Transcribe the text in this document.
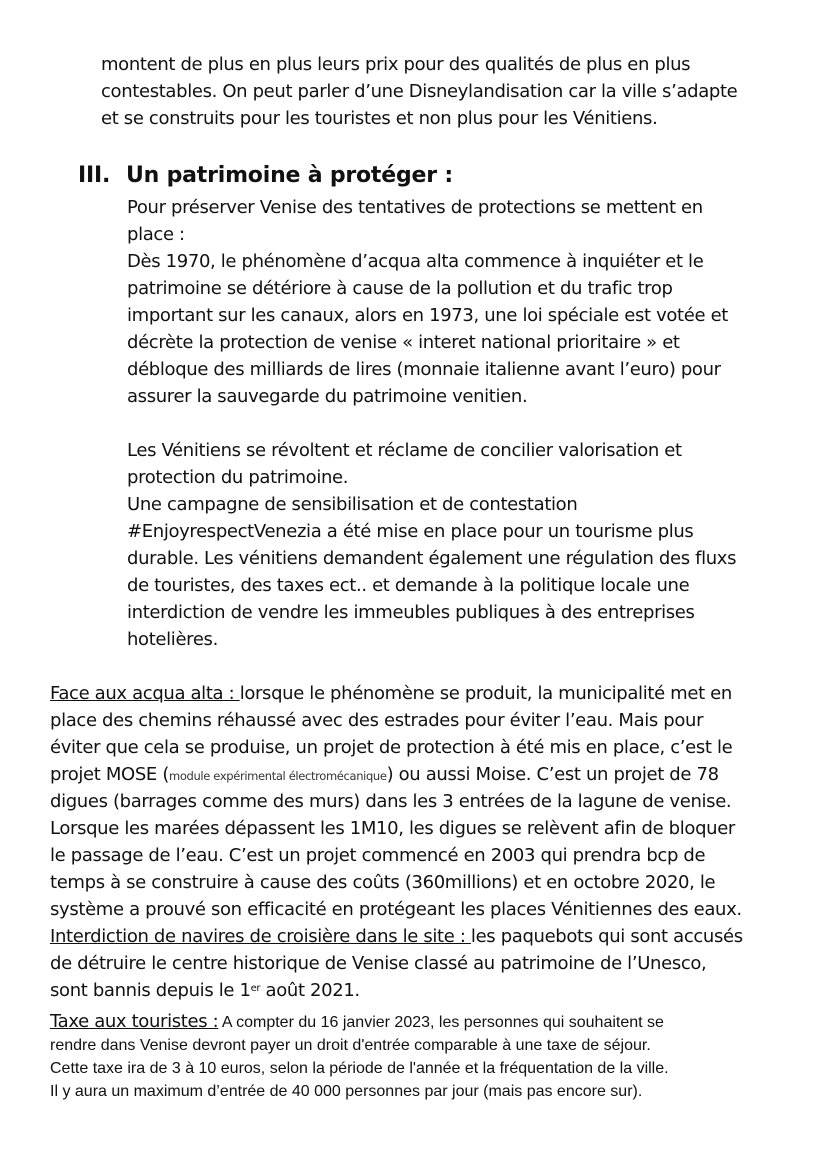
montent de plus en plus leurs prix pour des qualités de plus en plus
contestables. On peut parler d’une Disneylandisation car la ville s’adapte
et se construits pour les touristes et non plus pour les Vénitiens.
III. Un patrimoine à protéger :
Pour préserver Venise des tentatives de protections se mettent en
place :
Dès 1970, le phénomène d’acqua alta commence à inquiéter et le
patrimoine se détériore à cause de la pollution et du trafic trop
important sur les canaux, alors en 1973, une loi spéciale est votée et
décrète la protection de venise « interet national prioritaire » et
débloque des milliards de lires (monnaie italienne avant l’euro) pour
assurer la sauvegarde du patrimoine venitien.
Les Vénitiens se révoltent et réclame de concilier valorisation et
protection du patrimoine.
Une campagne de sensibilisation et de contestation
#EnjoyrespectVenezia a été mise en place pour un tourisme plus
durable. Les vénitiens demandent également une régulation des fluxs
de touristes, des taxes ect.. et demande à la politique locale une
interdiction de vendre les immeubles publiques à des entreprises
hotelières.
Face aux acqua alta : lorsque le phénomène se produit, la municipalité met en
place des chemins réhaussé avec des estrades pour éviter l’eau. Mais pour
éviter que cela se produise, un projet de protection à été mis en place, c’est le
projet MOSE (module expérimental électromécanique) ou aussi Moise. C’est un projet de 78
digues (barrages comme des murs) dans les 3 entrées de la lagune de venise.
Lorsque les marées dépassent les 1M10, les digues se relèvent afin de bloquer
le passage de l’eau. C’est un projet commencé en 2003 qui prendra bcp de
temps à se construire à cause des coûts (360millions) et en octobre 2020, le
système a prouvé son efficacité en protégeant les places Vénitiennes des eaux.
Interdiction de navires de croisière dans le site : les paquebots qui sont accusés
de détruire le centre historique de Venise classé au patrimoine de l’Unesco,
sont bannis depuis le 1er août 2021.
Taxe aux touristes : A compter du 16 janvier 2023, les personnes qui souhaitent se
rendre dans Venise devront payer un droit d'entrée comparable à une taxe de séjour.
Cette taxe ira de 3 à 10 euros, selon la période de l'année et la fréquentation de la ville.
Il y aura un maximum d’entrée de 40 000 personnes par jour (mais pas encore sur).
